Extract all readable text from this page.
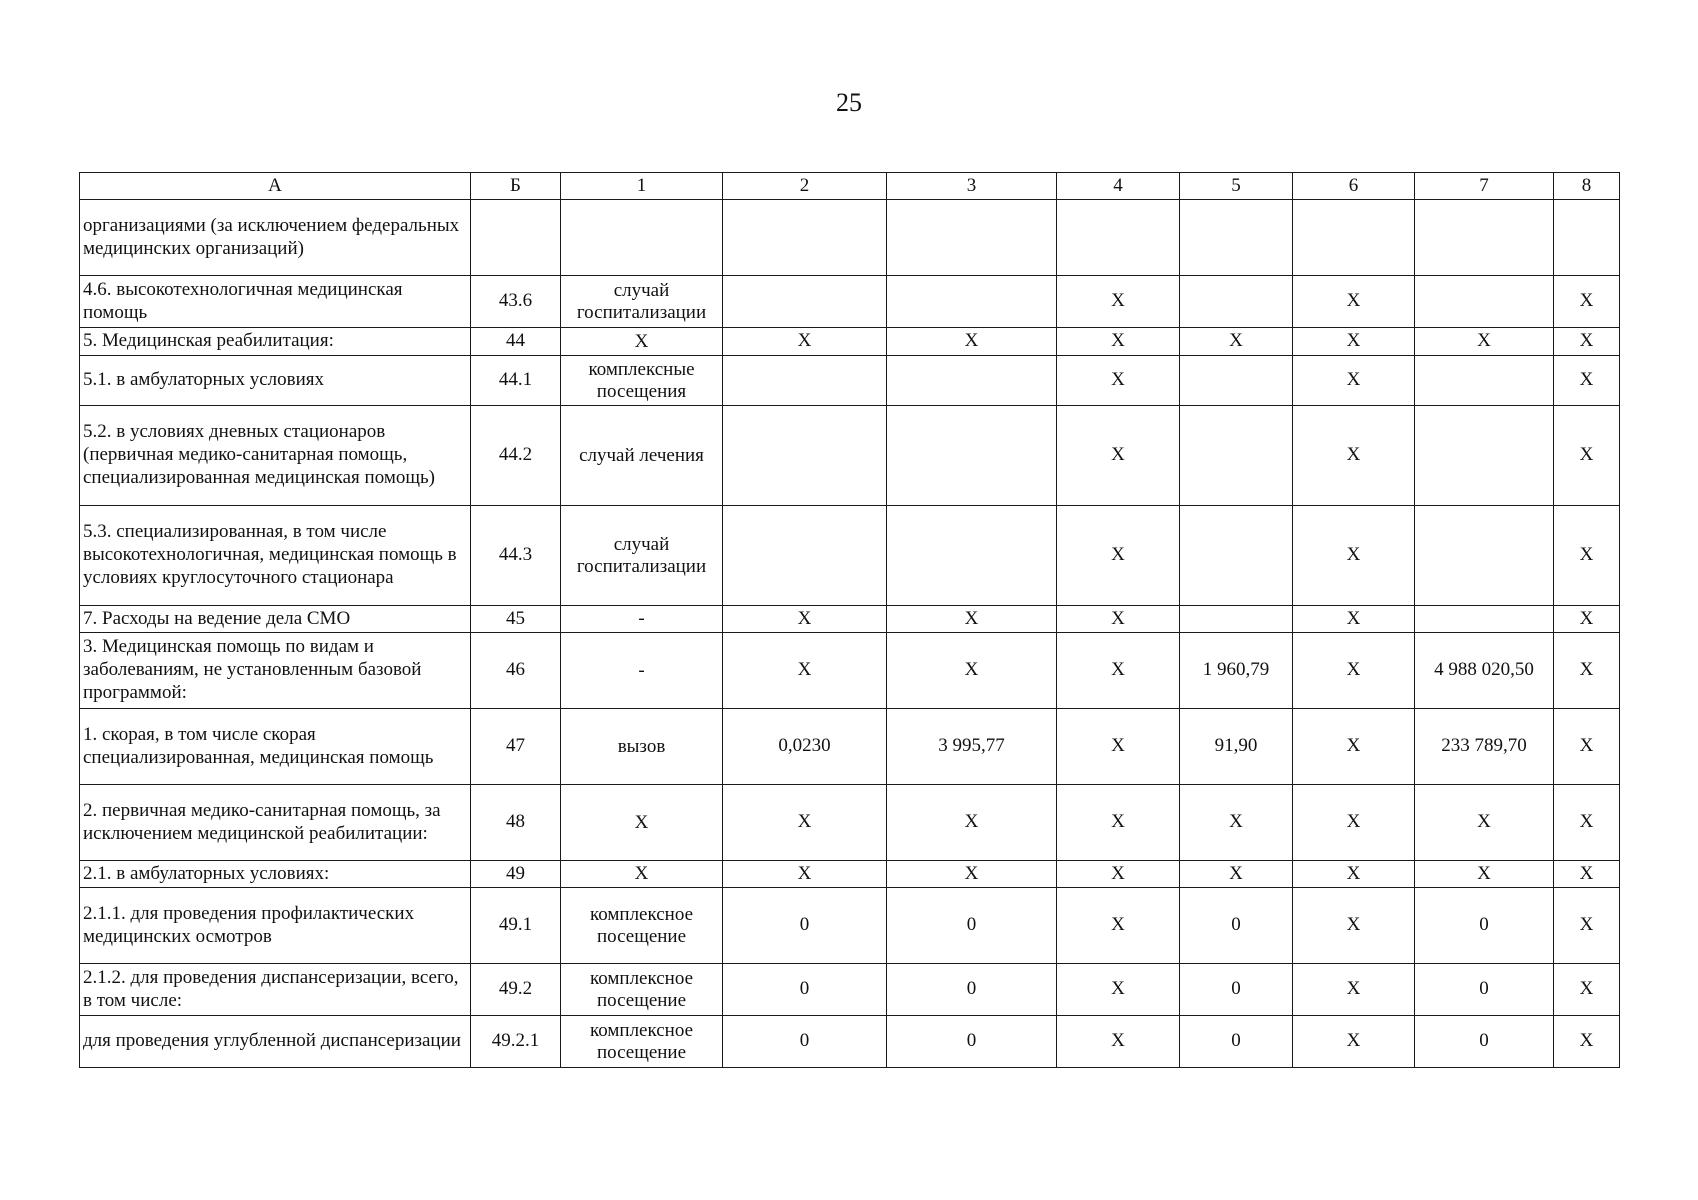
25
А	Б	1	2	3	4	5	6	7	8
организациями (за исключением федеральных медицинских организаций)									
4.6. высокотехнологичная медицинская помощь	43.6	случай госпитализации			X		X		X
5. Медицинская реабилитация:	44	X	X	X	X	X	X	X	X
5.1. в амбулаторных условиях	44.1	комплексные посещения			X		X		X
5.2. в условиях дневных стационаров (первичная медико-санитарная помощь, специализированная медицинская помощь)	44.2	случай лечения			X		X		X
5.3. специализированная, в том числе высокотехнологичная, медицинская помощь в условиях круглосуточного стационара	44.3	случай госпитализации			X		X		X
7. Расходы на ведение дела СМО	45	-	X	X	X		X		X
3. Медицинская помощь по видам и заболеваниям, не установленным базовой программой:	46	-	X	X	X	1 960,79	X	4 988 020,50	X
1. скорая, в том числе скорая специализированная, медицинская помощь	47	вызов	0,0230	3 995,77	X	91,90	X	233 789,70	X
2. первичная медико-санитарная помощь, за исключением медицинской реабилитации:	48	X	X	X	X	X	X	X	X
2.1. в амбулаторных условиях:	49	X	X	X	X	X	X	X	X
2.1.1. для проведения профилактических медицинских осмотров	49.1	комплексное посещение	0	0	X	0	X	0	X
2.1.2. для проведения диспансеризации, всего, в том числе:	49.2	комплексное посещение	0	0	X	0	X	0	X
для проведения углубленной диспансеризации	49.2.1	комплексное посещение	0	0	X	0	X	0	X
